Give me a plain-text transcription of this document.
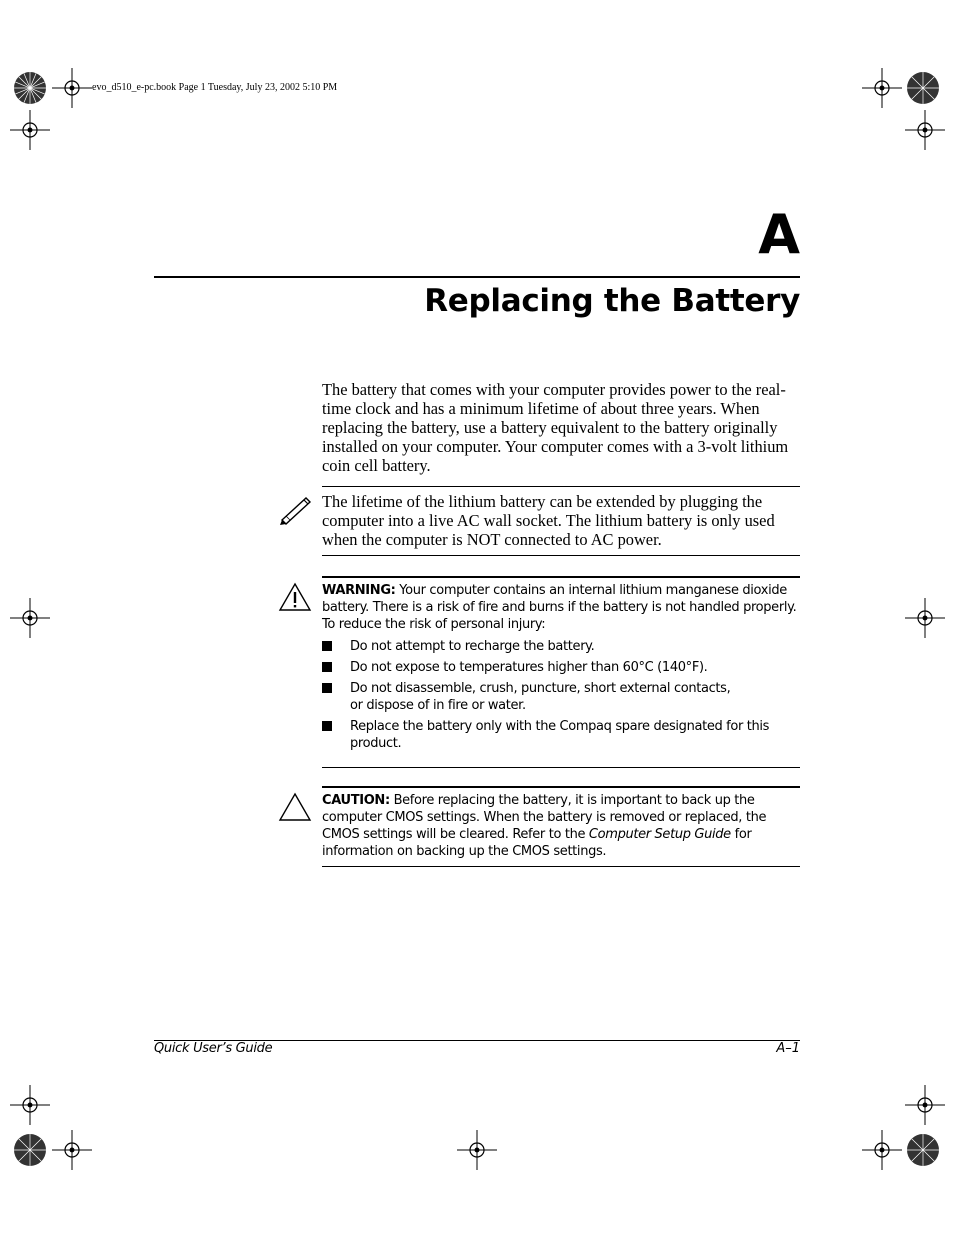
evo_d510_e-pc.book Page 1 Tuesday, July 23, 2002 5:10 PM
A
Replacing the Battery

The battery that comes with your computer provides power to the real-time clock and has a minimum lifetime of about three years. When replacing the battery, use a battery equivalent to the battery originally installed on your computer. Your computer comes with a 3-volt lithium coin cell battery.

The lifetime of the lithium battery can be extended by plugging the computer into a live AC wall socket. The lithium battery is only used when the computer is NOT connected to AC power.

WARNING: Your computer contains an internal lithium manganese dioxide battery. There is a risk of fire and burns if the battery is not handled properly. To reduce the risk of personal injury:

Do not attempt to recharge the battery.
Do not expose to temperatures higher than 60°C (140°F).
Do not disassemble, crush, puncture, short external contacts, or dispose of in fire or water.
Replace the battery only with the Compaq spare designated for this product.

CAUTION: Before replacing the battery, it is important to back up the computer CMOS settings. When the battery is removed or replaced, the CMOS settings will be cleared. Refer to the Computer Setup Guide for information on backing up the CMOS settings.

Quick User’s Guide	A–1
